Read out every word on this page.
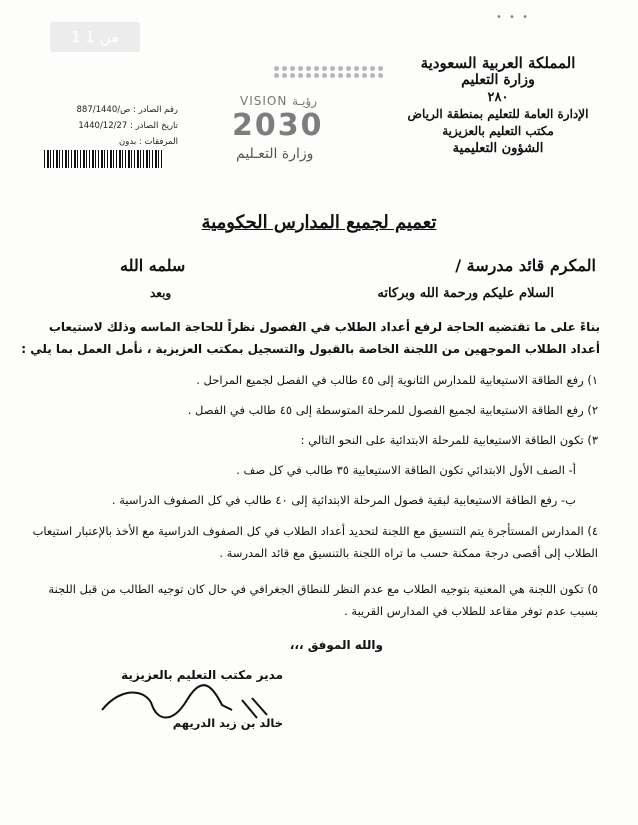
1 من 1
• • •
المملكة العربية السعودية
وزارة التعليم
٢٨٠
الإدارة العامة للتعليم بمنطقة الرياض
مكتب التعليم بالعزيزية
الشؤون التعليمية
VISION رؤيـة
2030
وزارة التعـليم
رقم الصادر : ص/887/1440
تاريخ الصادر : 1440/12/27
المرفقات : بدون
تعميم لجميع المدارس الحكومية
المكرم قائد مدرسة /
سلمه الله
السلام عليكم ورحمة الله وبركاته
وبعد
بناءً على ما تقتضيه الحاجة لرفع أعداد الطلاب في الفصول نظراً للحاجة الماسه وذلك لاستيعاب أعداد الطلاب الموجهين من اللجنة الخاصة بالقبول والتسجيل بمكتب العزيزية ، نأمل العمل بما يلي :
١) رفع الطاقة الاستيعابية للمدارس الثانوية إلى ٤٥ طالب في الفصل لجميع المراحل .
٢) رفع الطاقة الاستيعابية لجميع الفصول للمرحلة المتوسطة إلى ٤٥ طالب في الفصل .
٣) تكون الطاقة الاستيعابية للمرحلة الابتدائية على النحو التالي :
أ- الصف الأول الابتدائي تكون الطاقة الاستيعابية ٣٥ طالب في كل صف .
ب- رفع الطاقة الاستيعابية لبقية فصول المرحلة الابتدائية إلى ٤٠ طالب في كل الصفوف الدراسية .
٤) المدارس المستأجرة يتم التنسيق مع اللجنة لتحديد أعداد الطلاب في كل الصفوف الدراسية مع الأخذ بالإعتبار استيعاب الطلاب إلى أقصى درجة ممكنة حسب ما تراه اللجنة بالتنسيق مع قائد المدرسة .
٥) تكون اللجنة هي المعنية بتوجيه الطلاب مع عدم النظر للنطاق الجغرافي في حال كان توجيه الطالب من قبل اللجنة بسبب عدم توفر مقاعد للطلاب في المدارس القريبة .
والله الموفق ،،،
مدير مكتب التعليم بالعزيزية
خالد بن زيد الدريهم
